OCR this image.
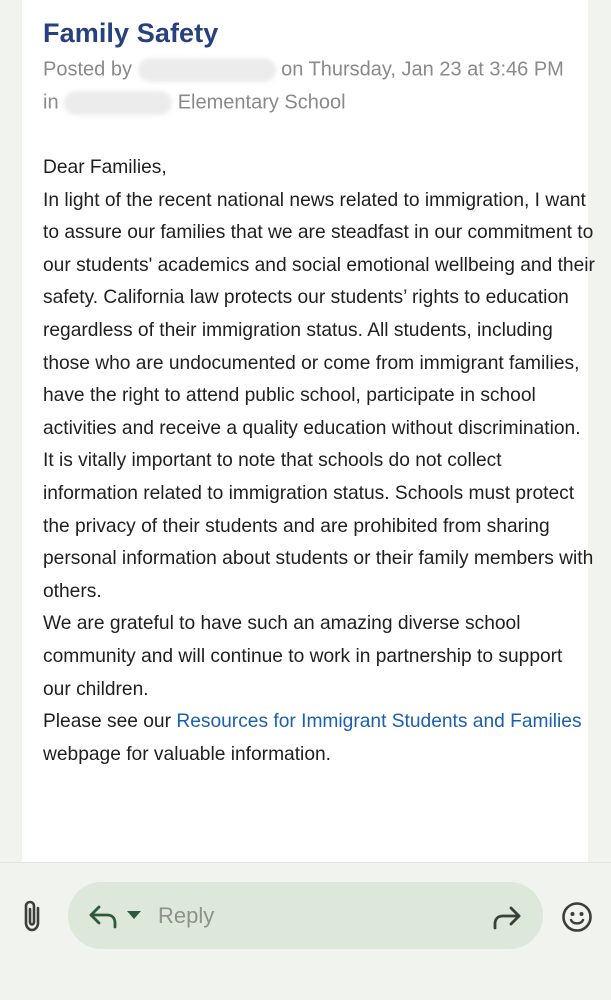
Family Safety
Posted by	on Thursday, Jan 23 at 3:46 PM
in	Elementary School

Dear Families,

In light of the recent national news related to immigration, I want to assure our families that we are steadfast in our commitment to our students' academics and social emotional wellbeing and their safety. California law protects our students’ rights to education regardless of their immigration status. All students, including those who are undocumented or come from immigrant families, have the right to attend public school, participate in school activities and receive a quality education without discrimination.

It is vitally important to note that schools do not collect information related to immigration status. Schools must protect the privacy of their students and are prohibited from sharing personal information about students or their family members with others.

We are grateful to have such an amazing diverse school community and will continue to work in partnership to support our children.

Please see our Resources for Immigrant Students and Families webpage for valuable information.

Reply
